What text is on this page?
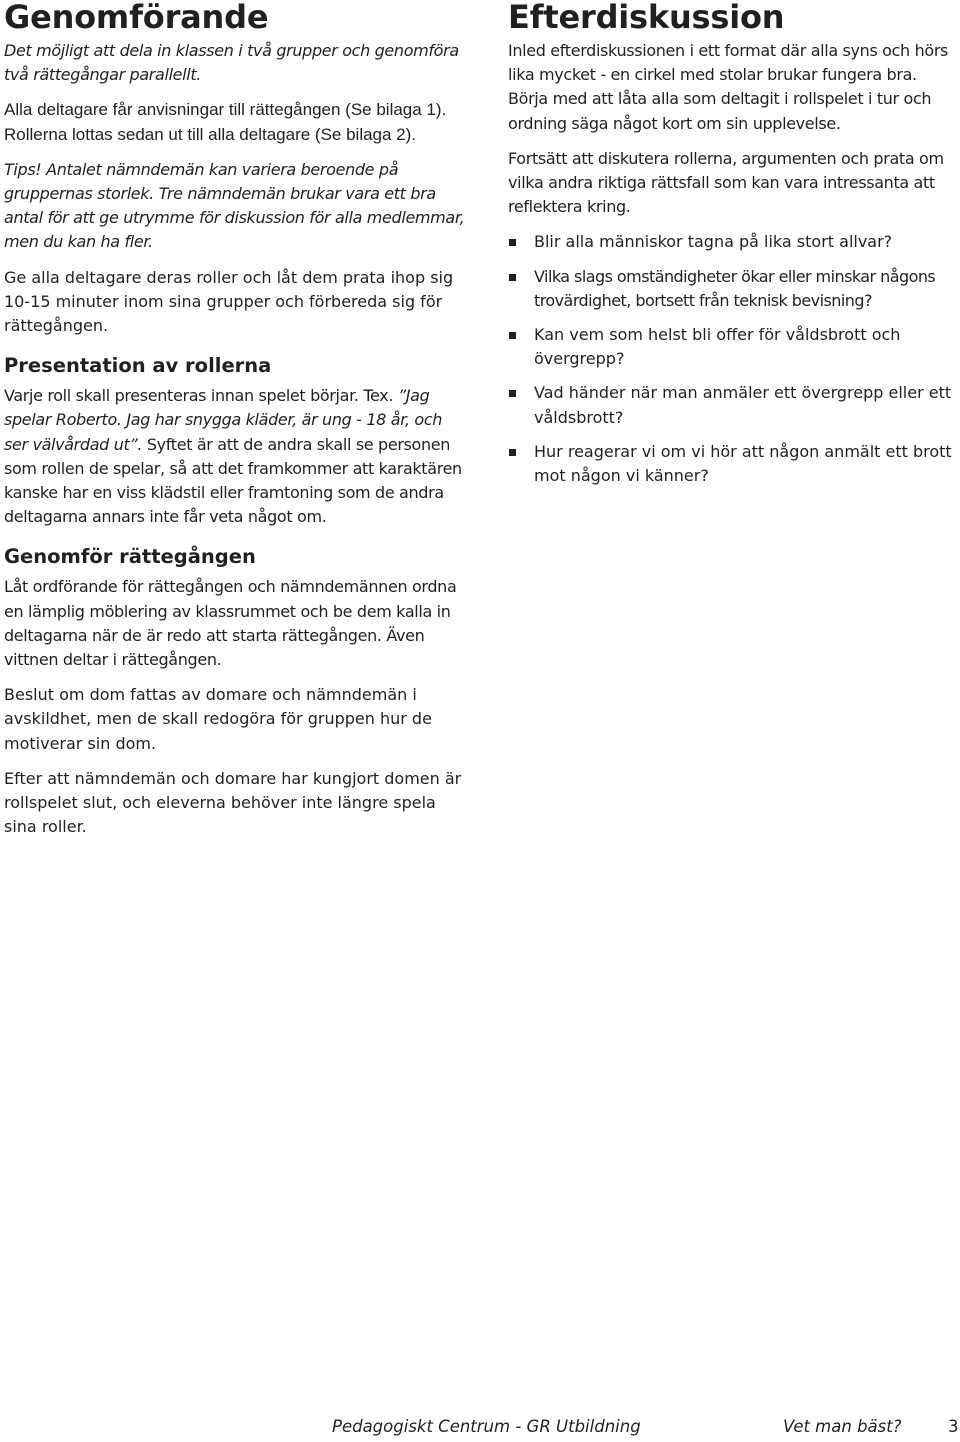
Genomförande

Det möjligt att dela in klassen i två grupper och genomföra två rättegångar parallellt.

Alla deltagare får anvisningar till rättegången (Se bilaga 1). Rollerna lottas sedan ut till alla deltagare (Se bilaga 2).

Tips! Antalet nämndemän kan variera beroende på gruppernas storlek. Tre nämndemän brukar vara ett bra antal för att ge utrymme för diskussion för alla medlemmar, men du kan ha fler.

Ge alla deltagare deras roller och låt dem prata ihop sig 10-15 minuter inom sina grupper och förbereda sig för rättegången.

Presentation av rollerna

Varje roll skall presenteras innan spelet börjar. Tex. ”Jag spelar Roberto. Jag har snygga kläder, är ung - 18 år, och ser välvårdad ut”. Syftet är att de andra skall se personen som rollen de spelar, så att det framkommer att karaktären kanske har en viss klädstil eller framtoning som de andra deltagarna annars inte får veta något om.

Genomför rättegången

Låt ordförande för rättegången och nämndemännen ordna en lämplig möblering av klassrummet och be dem kalla in deltagarna när de är redo att starta rättegången. Även vittnen deltar i rättegången.

Beslut om dom fattas av domare och nämndemän i avskildhet, men de skall redogöra för gruppen hur de motiverar sin dom.

Efter att nämndemän och domare har kungjort domen är rollspelet slut, och eleverna behöver inte längre spela sina roller.

Efterdiskussion

Inled efterdiskussionen i ett format där alla syns och hörs lika mycket - en cirkel med stolar brukar fungera bra. Börja med att låta alla som deltagit i rollspelet i tur och ordning säga något kort om sin upplevelse.

Fortsätt att diskutera rollerna, argumenten och prata om vilka andra riktiga rättsfall som kan vara intressanta att reflektera kring.

Blir alla människor tagna på lika stort allvar?
Vilka slags omständigheter ökar eller minskar någons trovärdighet, bortsett från teknisk bevisning?
Kan vem som helst bli offer för våldsbrott och övergrepp?
Vad händer när man anmäler ett övergrepp eller ett våldsbrott?
Hur reagerar vi om vi hör att någon anmält ett brott mot någon vi känner?
Pedagogiskt Centrum - GR Utbildning	Vet man bäst?	3
